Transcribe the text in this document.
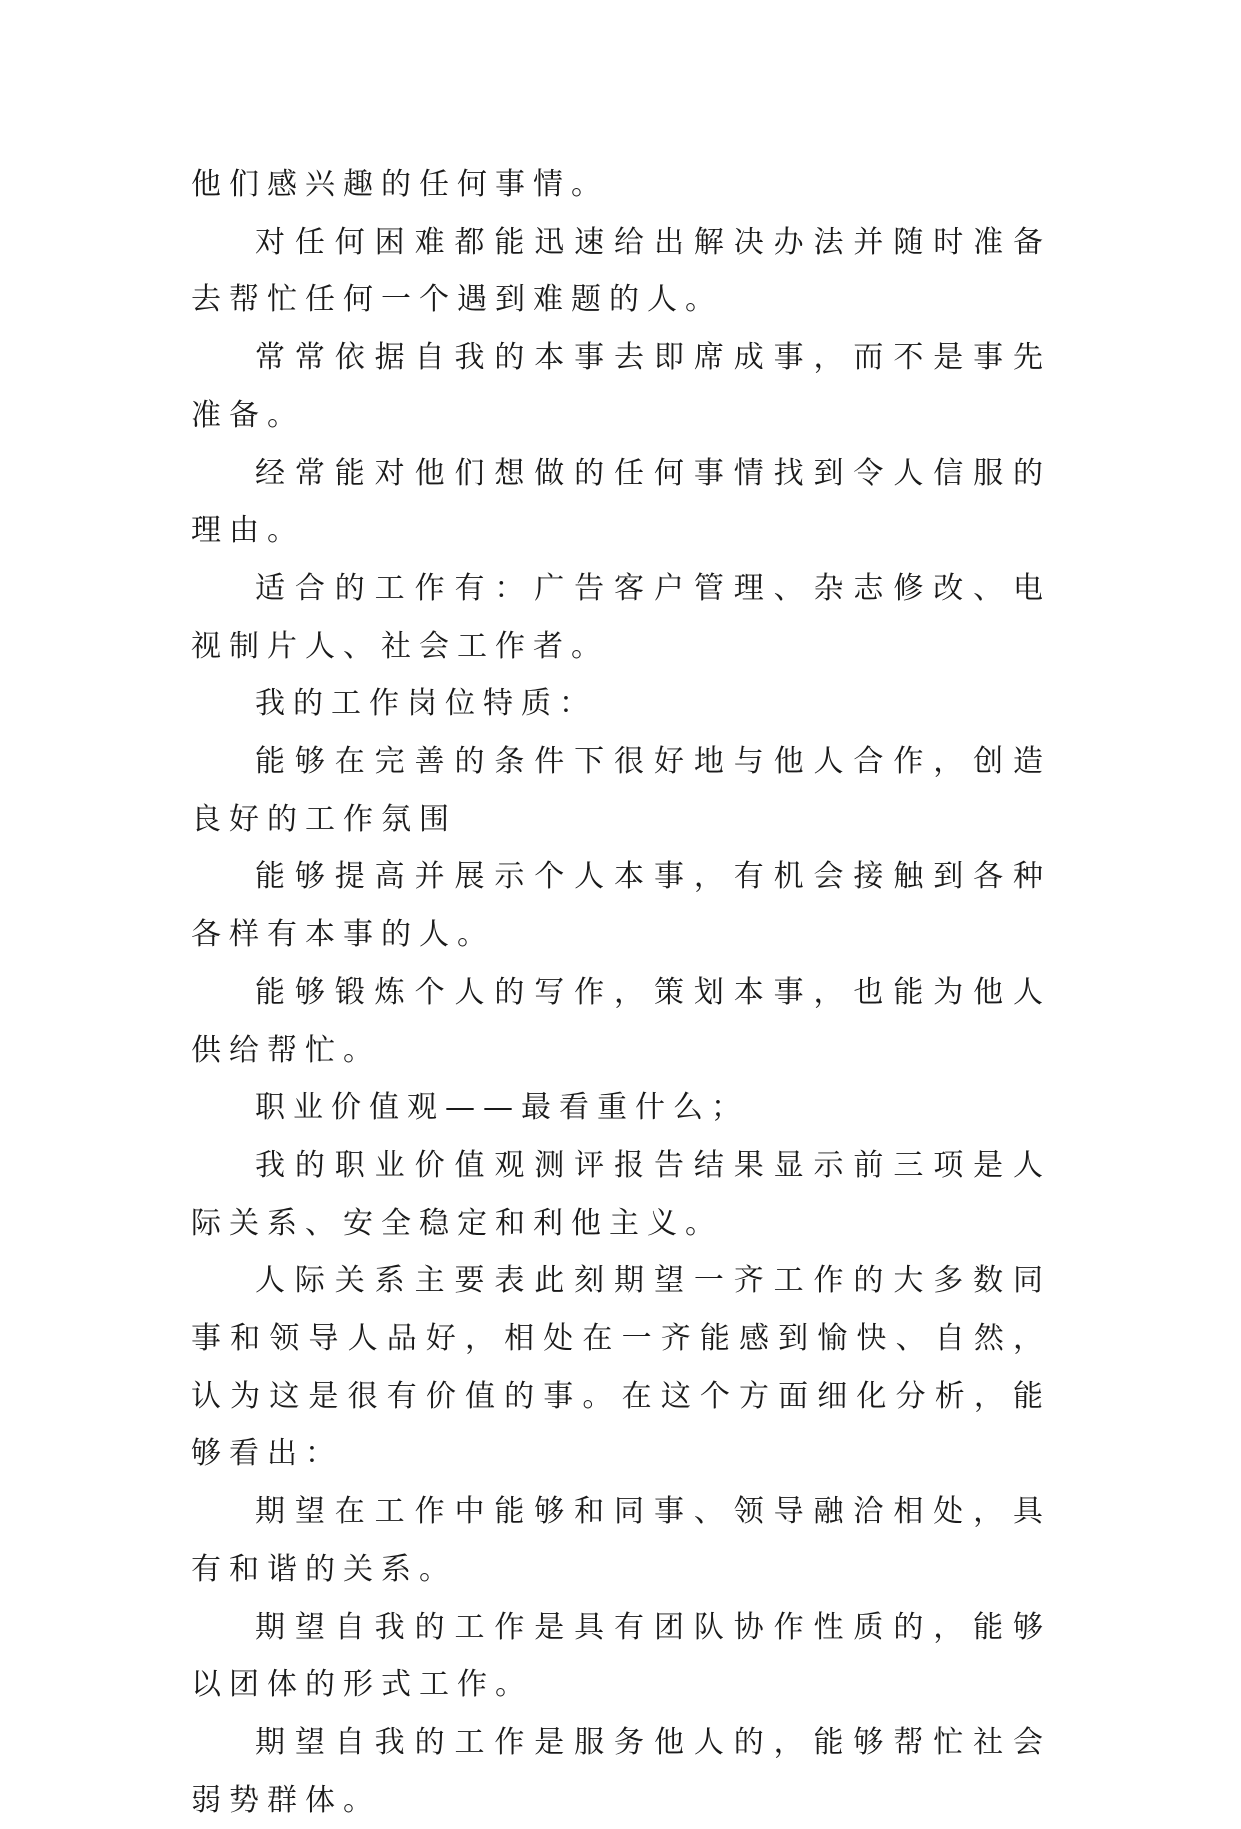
他们感兴趣的任何事情。

对任何困难都能迅速给出解决办法并随时准备去帮忙任何一个遇到难题的人。

常常依据自我的本事去即席成事，而不是事先准备。

经常能对他们想做的任何事情找到令人信服的理由。

适合的工作有：广告客户管理、杂志修改、电视制片人、社会工作者。

我的工作岗位特质：

能够在完善的条件下很好地与他人合作，创造良好的工作氛围

能够提高并展示个人本事，有机会接触到各种各样有本事的人。

能够锻炼个人的写作，策划本事，也能为他人供给帮忙。

职业价值观——最看重什么；

我的职业价值观测评报告结果显示前三项是人际关系、安全稳定和利他主义。

人际关系主要表此刻期望一齐工作的大多数同事和领导人品好，相处在一齐能感到愉快、自然，认为这是很有价值的事。在这个方面细化分析，能够看出：

期望在工作中能够和同事、领导融洽相处，具有和谐的关系。

期望自我的工作是具有团队协作性质的，能够以团体的形式工作。

期望自我的工作是服务他人的，能够帮忙社会弱势群体。
